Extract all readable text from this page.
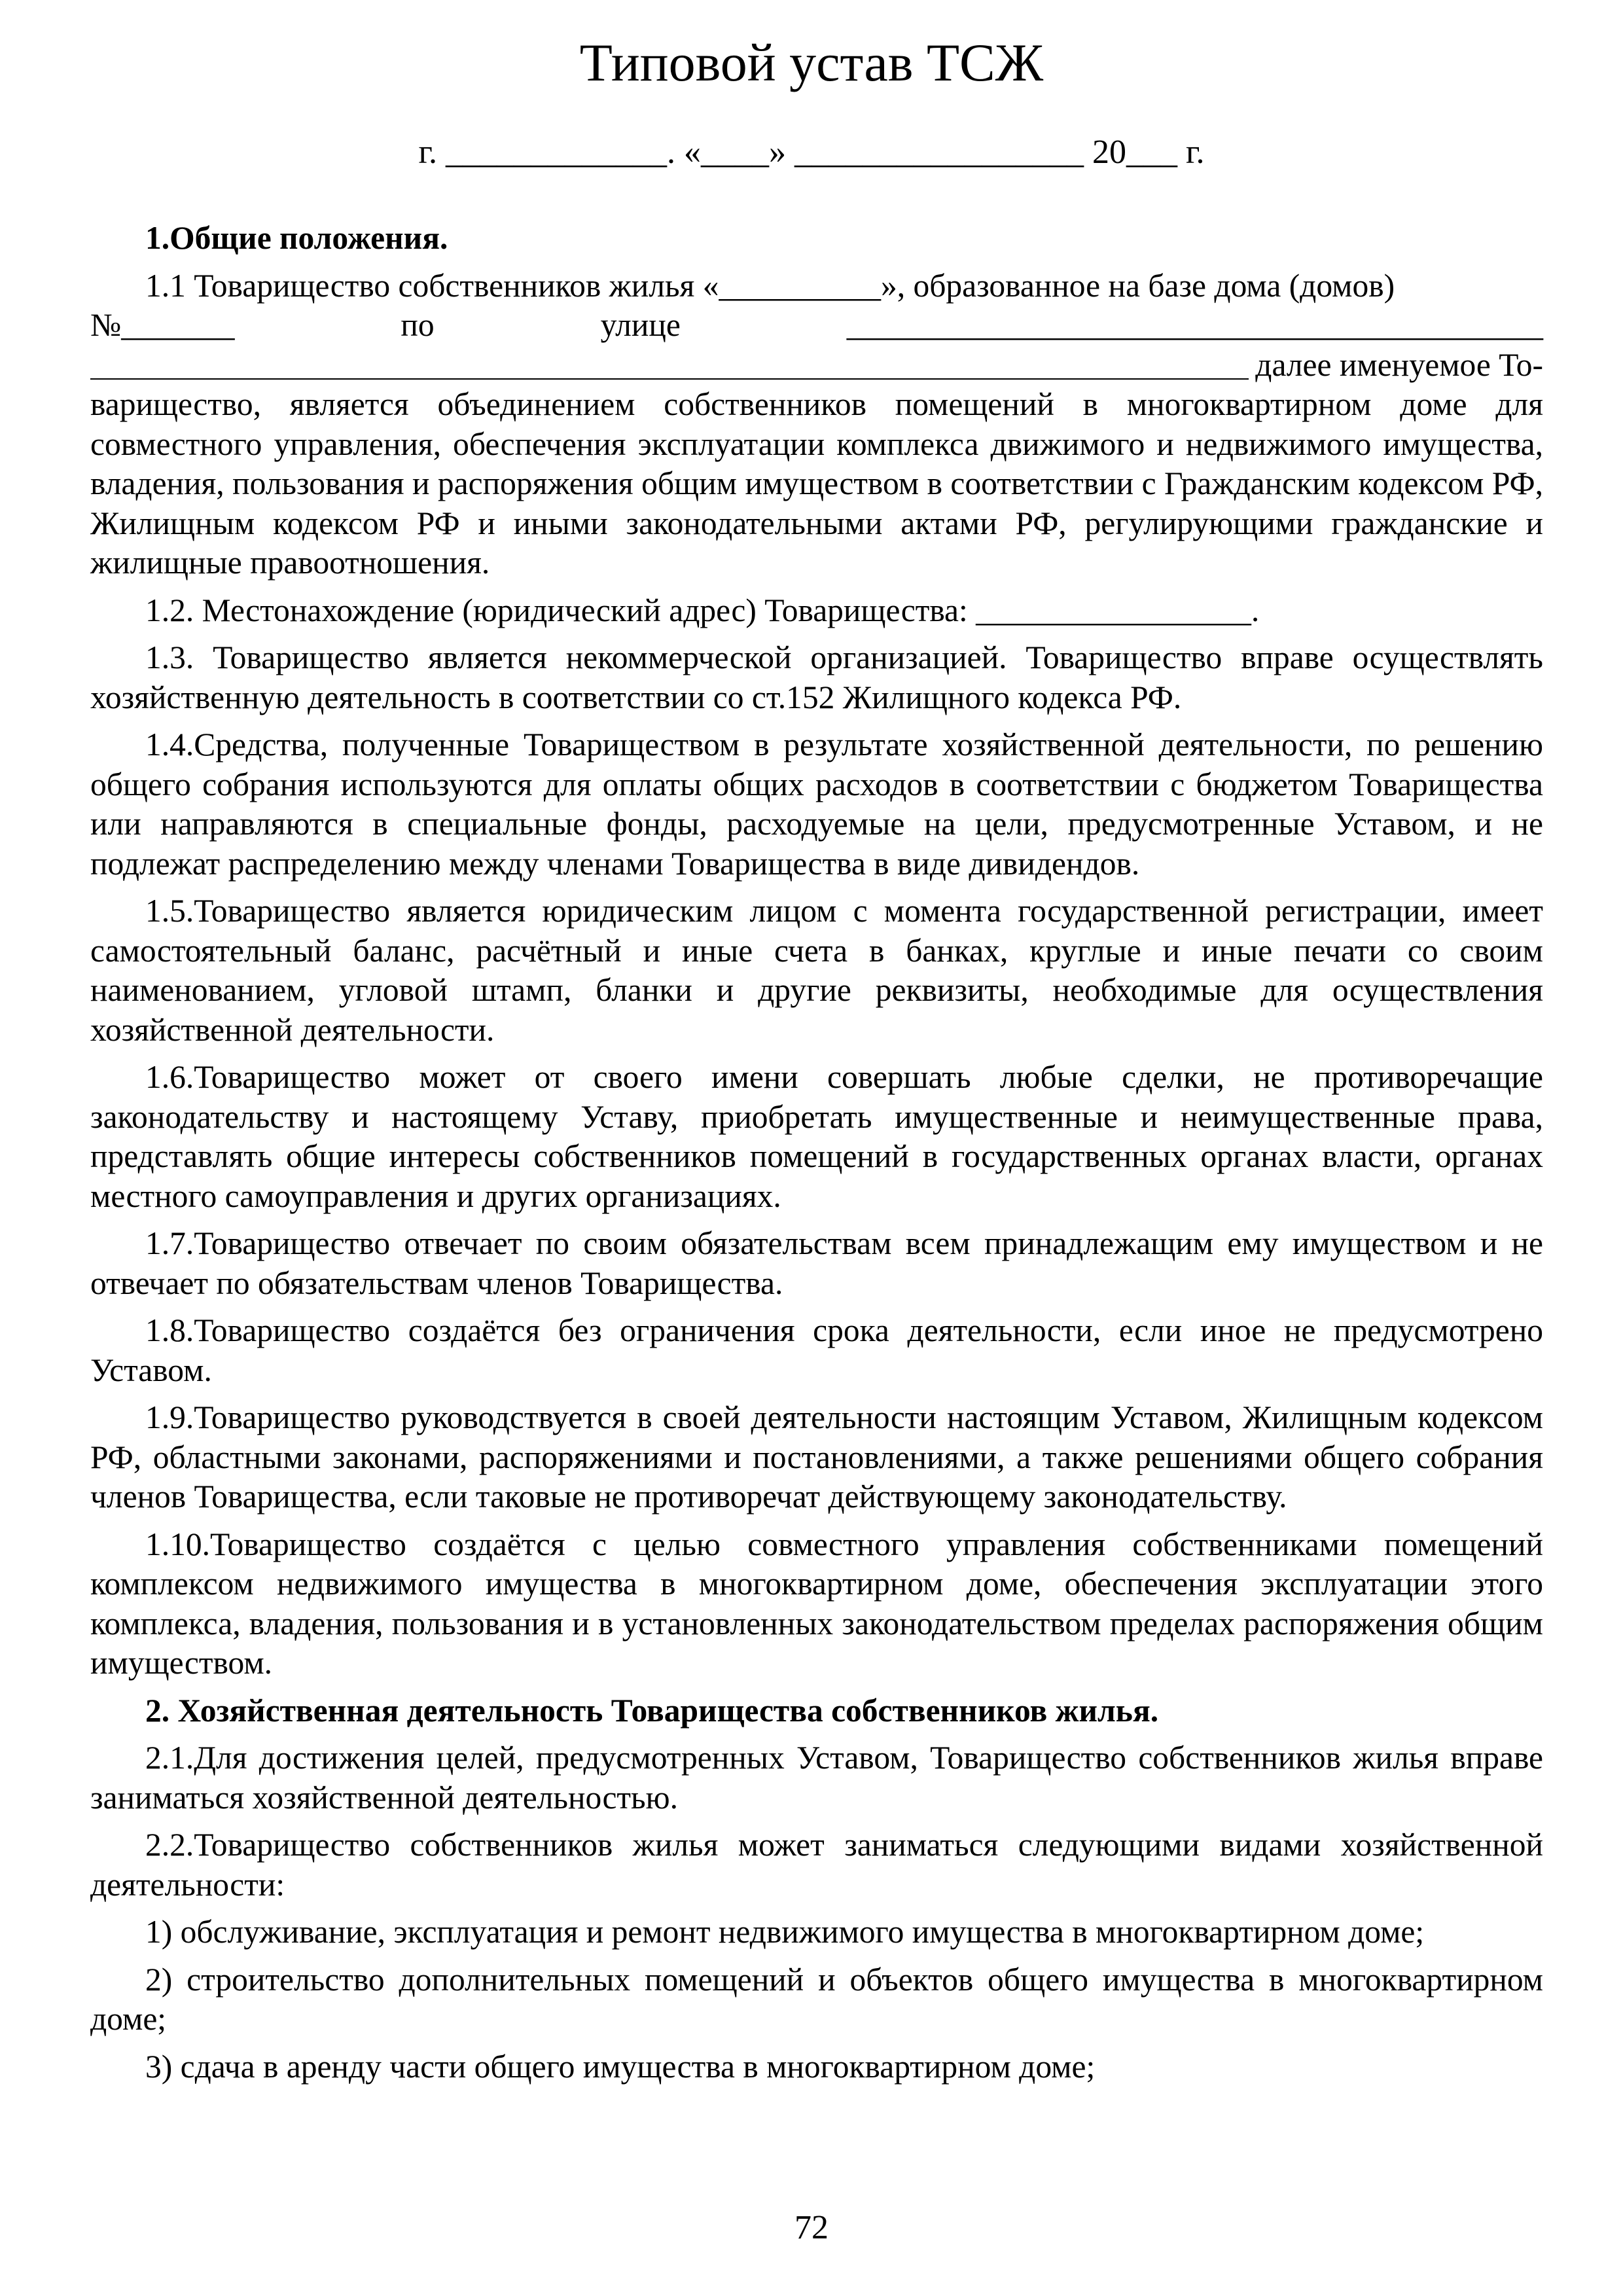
Типовой устав ТСЖ
г. _____________. «____» _________________ 20___ г.

1.Общие положения.

1.1 Товарищество собственников жилья «__________», образованное на базе дома (домов)

№_______	по	улице	___________________________________________
далее именуемое То-

варищество, является объединением собственников помещений в многоквартирном доме для совместного управления, обеспечения эксплуатации комплекса движимого и недвижимого имущества, владения, пользования и распоряжения общим имуществом в соответствии с Гражданским кодексом РФ, Жилищным кодексом РФ и иными законодательными актами РФ, регулирующими гражданские и жилищные правоотношения.

1.2. Местонахождение (юридический адрес) Товарищества: _________________.

1.3. Товарищество является некоммерческой организацией. Товарищество вправе осуществлять хозяйственную деятельность в соответствии со ст.152 Жилищного кодекса РФ.

1.4.Средства, полученные Товариществом в результате хозяйственной деятельности, по решению общего собрания используются для оплаты общих расходов в соответствии с бюджетом Товарищества или направляются в специальные фонды, расходуемые на цели, предусмотренные Уставом, и не подлежат распределению между членами Товарищества в виде дивидендов.

1.5.Товарищество является юридическим лицом с момента государственной регистрации, имеет самостоятельный баланс, расчётный и иные счета в банках, круглые и иные печати со своим наименованием, угловой штамп, бланки и другие реквизиты, необходимые для осуществления хозяйственной деятельности.

1.6.Товарищество может от своего имени совершать любые сделки, не противоречащие законодательству и настоящему Уставу, приобретать имущественные и неимущественные права, представлять общие интересы собственников помещений в государственных органах власти, органах местного самоуправления и других организациях.

1.7.Товарищество отвечает по своим обязательствам всем принадлежащим ему имуществом и не отвечает по обязательствам членов Товарищества.

1.8.Товарищество создаётся без ограничения срока деятельности, если иное не предусмотрено Уставом.

1.9.Товарищество руководствуется в своей деятельности настоящим Уставом, Жилищным кодексом РФ, областными законами, распоряжениями и постановлениями, а также решениями общего собрания членов Товарищества, если таковые не противоречат действующему законодательству.

1.10.Товарищество создаётся с целью совместного управления собственниками помещений комплексом недвижимого имущества в многоквартирном доме, обеспечения эксплуатации этого комплекса, владения, пользования и в установленных законодательством пределах распоряжения общим имуществом.

2. Хозяйственная деятельность Товарищества собственников жилья.

2.1.Для достижения целей, предусмотренных Уставом, Товарищество собственников жилья вправе заниматься хозяйственной деятельностью.

2.2.Товарищество собственников жилья может заниматься следующими видами хозяйственной деятельности:

1) обслуживание, эксплуатация и ремонт недвижимого имущества в многоквартирном доме;

2) строительство дополнительных помещений и объектов общего имущества в многоквартирном доме;

3) сдача в аренду части общего имущества в многоквартирном доме;

72
